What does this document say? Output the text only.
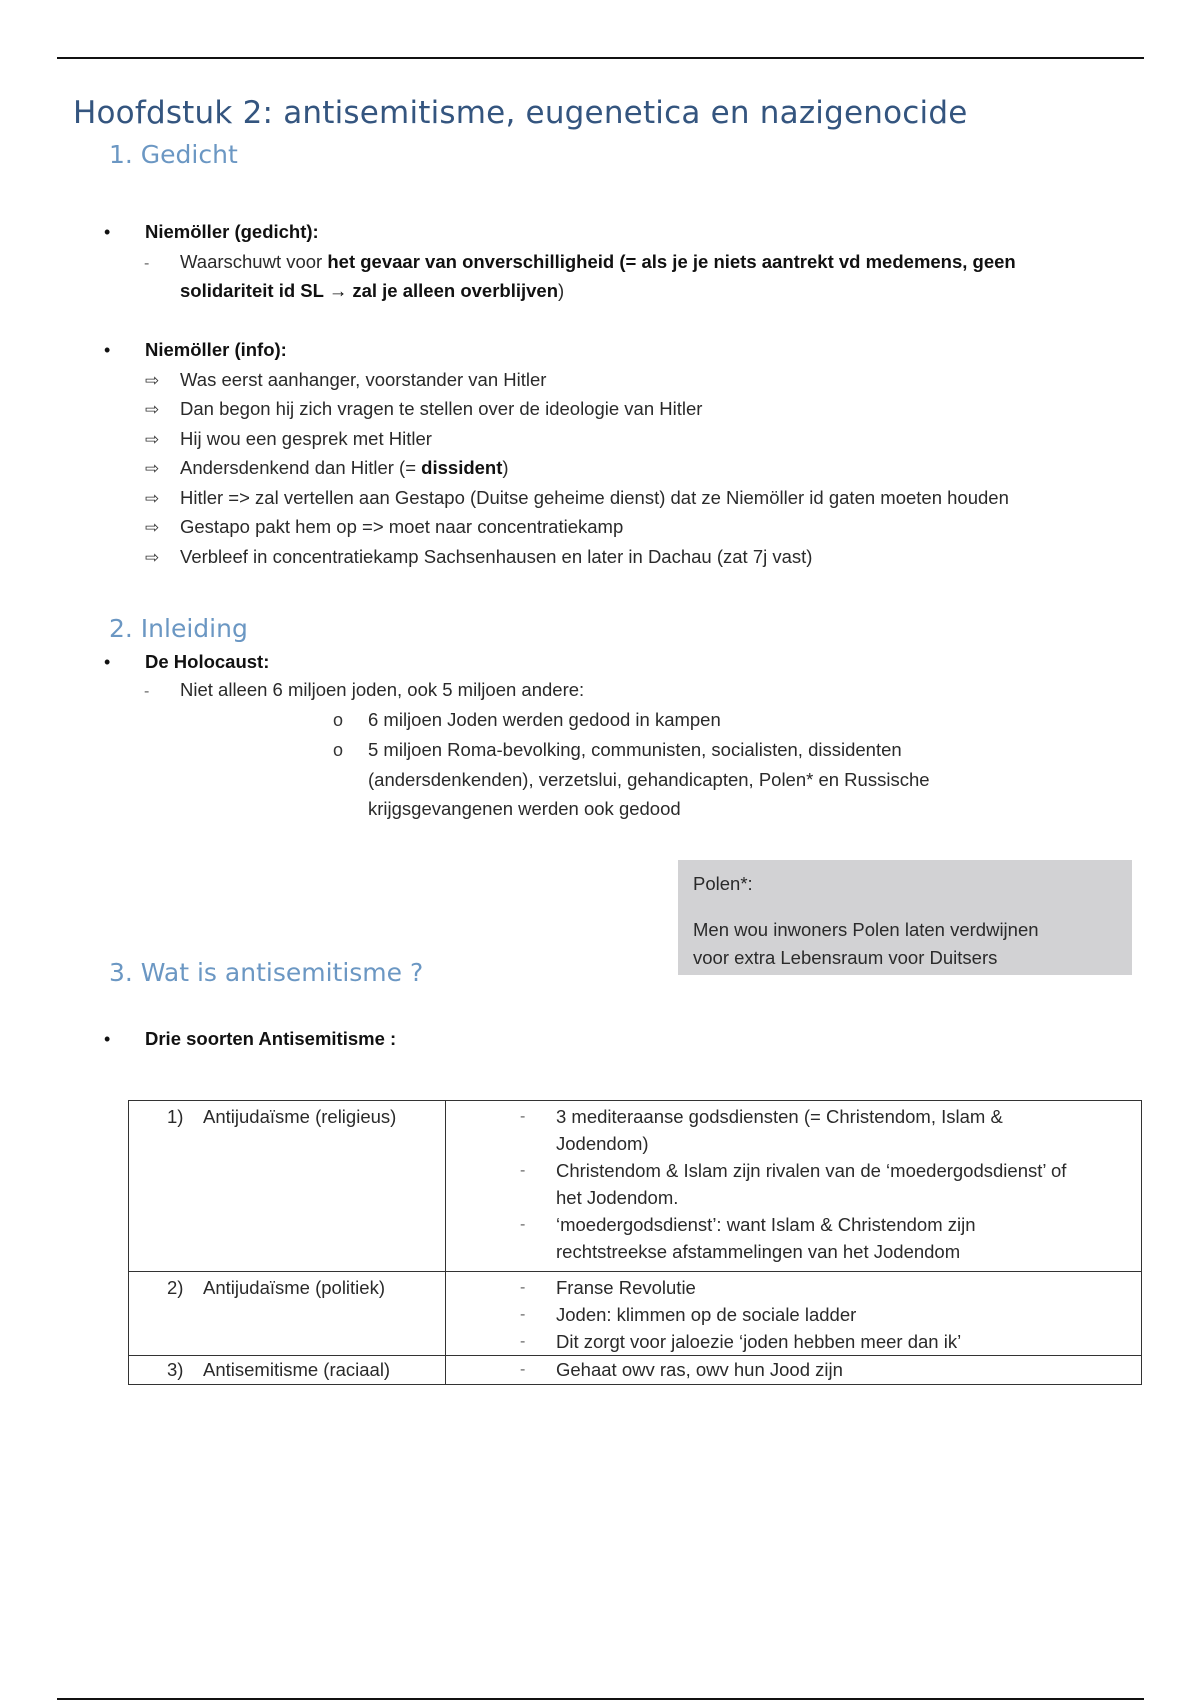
Hoofdstuk 2: antisemitisme, eugenetica en nazigenocide
1. Gedicht
• Niemöller (gedicht):
- Waarschuwt voor het gevaar van onverschilligheid (= als je je niets aantrekt vd medemens, geen
solidariteit id SL → zal je alleen overblijven)
• Niemöller (info):
⇨ Was eerst aanhanger, voorstander van Hitler
⇨ Dan begon hij zich vragen te stellen over de ideologie van Hitler
⇨ Hij wou een gesprek met Hitler
⇨ Andersdenkend dan Hitler (= dissident)
⇨ Hitler => zal vertellen aan Gestapo (Duitse geheime dienst) dat ze Niemöller id gaten moeten houden
⇨ Gestapo pakt hem op => moet naar concentratiekamp
⇨ Verbleef in concentratiekamp Sachsenhausen en later in Dachau (zat 7j vast)
2. Inleiding
• De Holocaust:
- Niet alleen 6 miljoen joden, ook 5 miljoen andere:
o 6 miljoen Joden werden gedood in kampen
o 5 miljoen Roma-bevolking, communisten, socialisten, dissidenten
(andersdenkenden), verzetslui, gehandicapten, Polen* en Russische
krijgsgevangenen werden ook gedood
Polen*:
Men wou inwoners Polen laten verdwijnen
voor extra Lebensraum voor Duitsers
3. Wat is antisemitisme ?
• Drie soorten Antisemitisme :
1) Antijudaïsme (religieus)	- 3 mediteraanse godsdiensten (= Christendom, Islam &
Jodendom)
- Christendom & Islam zijn rivalen van de ‘moedergodsdienst’ of
het Jodendom.
- ‘moedergodsdienst’: want Islam & Christendom zijn
rechtstreekse afstammelingen van het Jodendom

2) Antijudaïsme (politiek)	- Franse Revolutie
- Joden: klimmen op de sociale ladder
- Dit zorgt voor jaloezie ‘joden hebben meer dan ik’

3) Antisemitisme (raciaal)	- Gehaat owv ras, owv hun Jood zijn
